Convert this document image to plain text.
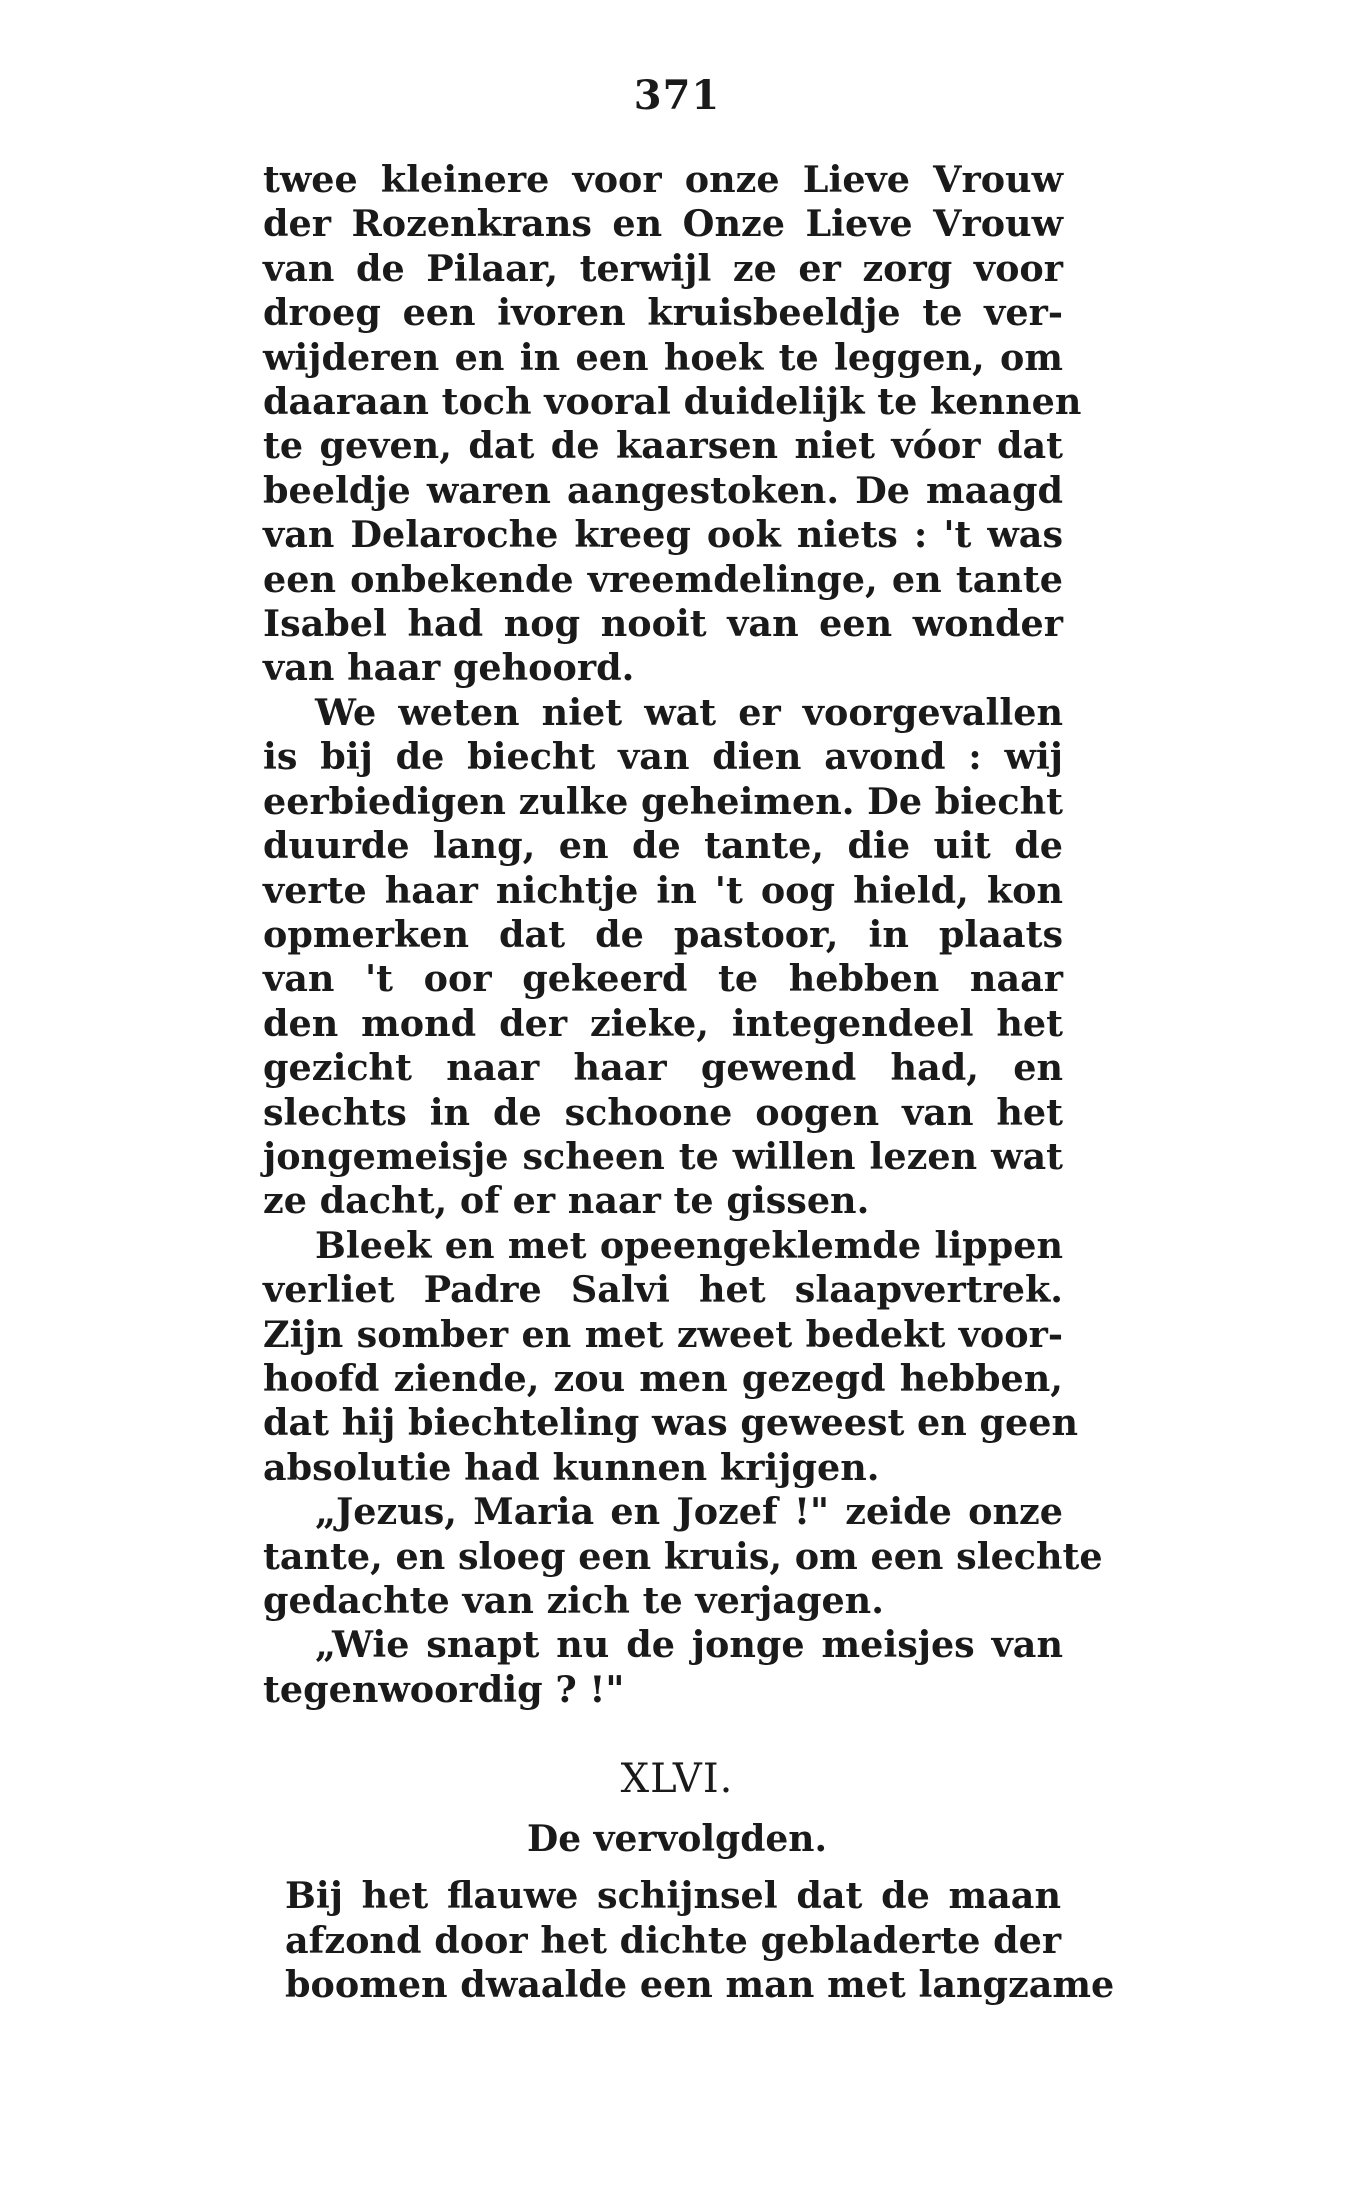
371
twee kleinere voor onze Lieve Vrouw
der Rozenkrans en Onze Lieve Vrouw
van de Pilaar, terwijl ze er zorg voor
droeg een ivoren kruisbeeldje te ver-
wijderen en in een hoek te leggen, om
daaraan toch vooral duidelijk te kennen
te geven, dat de kaarsen niet vóor dat
beeldje waren aangestoken. De maagd
van Delaroche kreeg ook niets : 't was
een onbekende vreemdelinge, en tante
Isabel had nog nooit van een wonder
van haar gehoord.
We weten niet wat er voorgevallen
is bij de biecht van dien avond : wij
eerbiedigen zulke geheimen. De biecht
duurde lang, en de tante, die uit de
verte haar nichtje in 't oog hield, kon
opmerken dat de pastoor, in plaats
van 't oor gekeerd te hebben naar
den mond der zieke, integendeel het
gezicht naar haar gewend had, en
slechts in de schoone oogen van het
jongemeisje scheen te willen lezen wat
ze dacht, of er naar te gissen.
Bleek en met opeengeklemde lippen
verliet Padre Salvi het slaapvertrek.
Zijn somber en met zweet bedekt voor-
hoofd ziende, zou men gezegd hebben,
dat hij biechteling was geweest en geen
absolutie had kunnen krijgen.
„Jezus, Maria en Jozef !" zeide onze
tante, en sloeg een kruis, om een slechte
gedachte van zich te verjagen.
„Wie snapt nu de jonge meisjes van
tegenwoordig ? !"
XLVI.
De vervolgden.
Bij het flauwe schijnsel dat de maan
afzond door het dichte gebladerte der
boomen dwaalde een man met langzame
